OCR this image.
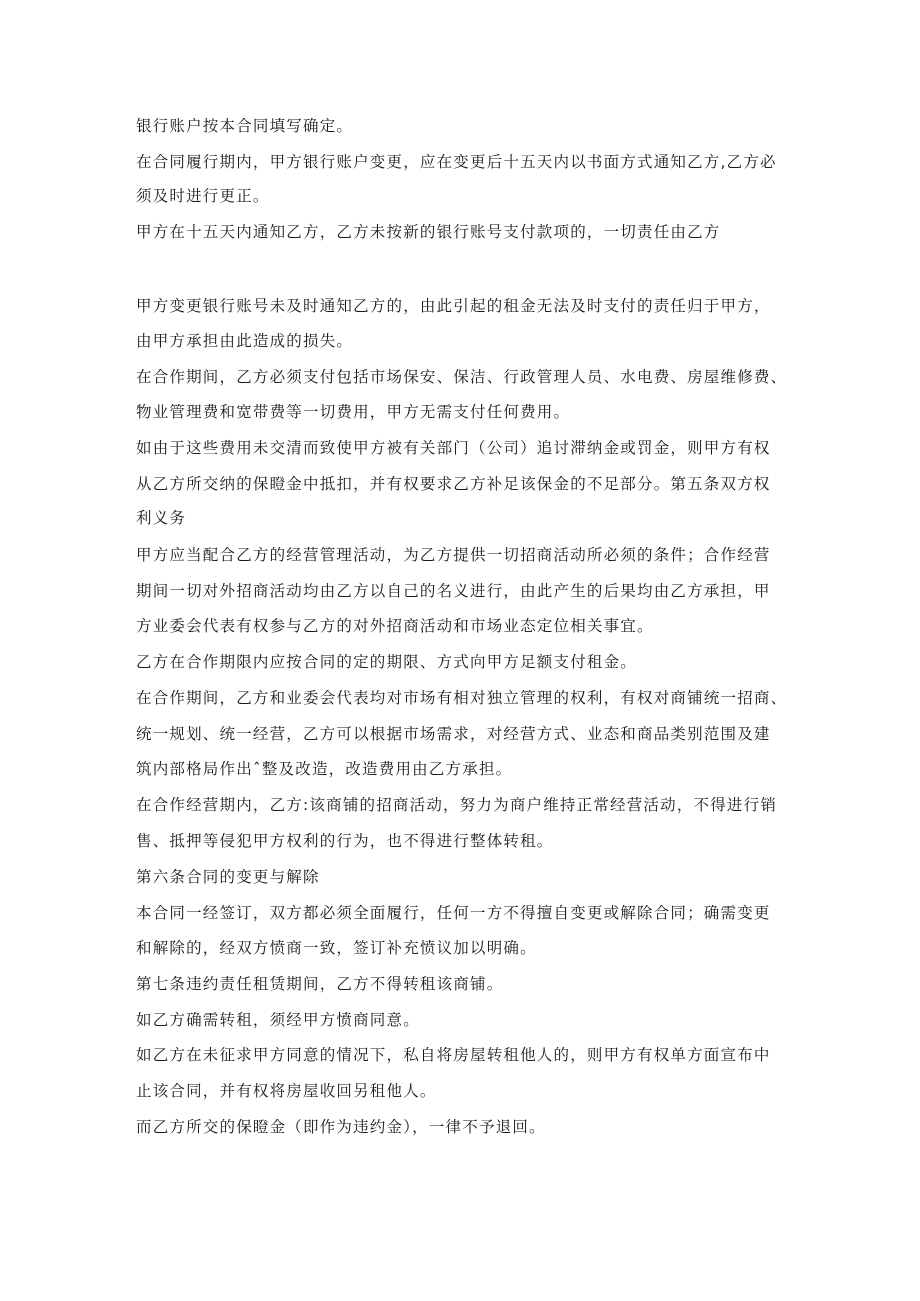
银行账户按本合同填写确定。
在合同履行期内，甲方银行账户变更，应在变更后十五天内以书面方式通知乙方,乙方必
须及时进行更正。
甲方在十五天内通知乙方，乙方未按新的银行账号支付款项的，一切责任由乙方
甲方变更银行账号未及时通知乙方的，由此引起的租金无法及时支付的责任归于甲方，
由甲方承担由此造成的损失。
在合作期间，乙方必须支付包括市场保安、保洁、行政管理人员、水电费、房屋维修费、
物业管理费和宽带费等一切费用，甲方无需支付任何费用。
如由于这些费用未交清而致使甲方被有关部门（公司）追讨滞纳金或罚金，则甲方有权
从乙方所交纳的保瞪金中抵扣，并有权要求乙方补足该保金的不足部分。第五条双方权
利义务
甲方应当配合乙方的经营管理活动，为乙方提供一切招商活动所必须的条件；合作经营
期间一切对外招商活动均由乙方以自己的名义进行，由此产生的后果均由乙方承担，甲
方业委会代表有权参与乙方的对外招商活动和市场业态定位相关事宜。
乙方在合作期限内应按合同的定的期限、方式向甲方足额支付租金。
在合作期间，乙方和业委会代表均对市场有相对独立管理的权利，有权对商铺统一招商、
统一规划、统一经营，乙方可以根据市场需求，对经营方式、业态和商品类别范围及建
筑内部格局作出ˆ整及改造，改造费用由乙方承担。
在合作经营期内，乙方:该商铺的招商活动，努力为商户维持正常经营活动，不得进行销
售、抵押等侵犯甲方权利的行为，也不得进行整体转租。
第六条合同的变更与解除
本合同一经签订，双方都必须全面履行，任何一方不得擅自变更或解除合同；确需变更
和解除的，经双方愤商一致，签订补充愤议加以明确。
第七条违约责任租赁期间，乙方不得转租该商铺。
如乙方确需转租，须经甲方愤商同意。
如乙方在未征求甲方同意的情况下，私自将房屋转租他人的，则甲方有权单方面宣布中
止该合同，并有权将房屋收回另租他人。
而乙方所交的保瞪金（即作为违约金），一律不予退回。
